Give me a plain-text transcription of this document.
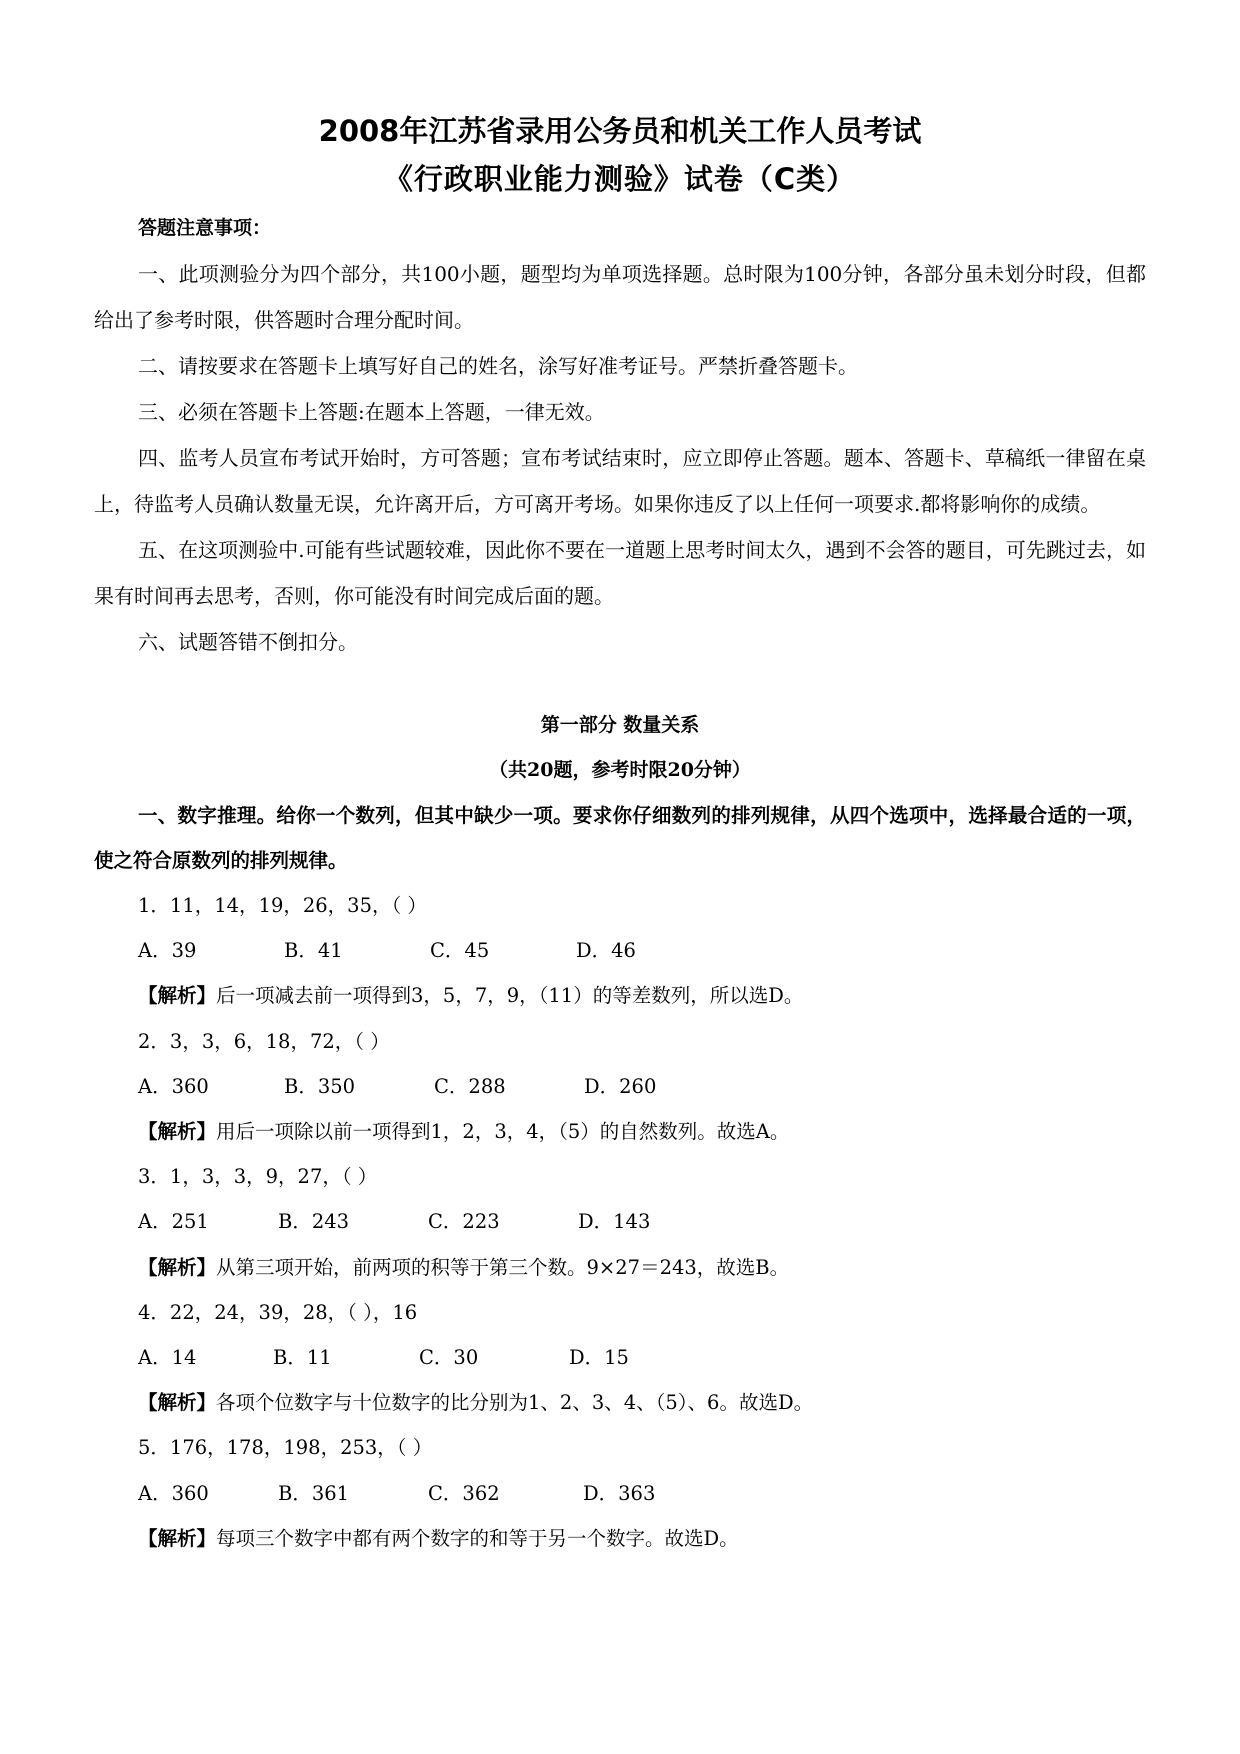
2008年江苏省录用公务员和机关工作人员考试
《行政职业能力测验》试卷（C类）

答题注意事项：

一、此项测验分为四个部分，共100小题，题型均为单项选择题。总时限为100分钟，各部分虽未划分时段，但都给出了参考时限，供答题时合理分配时间。

二、请按要求在答题卡上填写好自己的姓名，涂写好准考证号。严禁折叠答题卡。

三、必须在答题卡上答题:在题本上答题，一律无效。

四、监考人员宣布考试开始时，方可答题；宣布考试结束时，应立即停止答题。题本、答题卡、草稿纸一律留在桌上，待监考人员确认数量无误，允许离开后，方可离开考场。如果你违反了以上任何一项要求.都将影响你的成绩。

五、在这项测验中.可能有些试题较难，因此你不要在一道题上思考时间太久，遇到不会答的题目，可先跳过去，如果有时间再去思考，否则，你可能没有时间完成后面的题。

六、试题答错不倒扣分。

第一部分 数量关系

（共20题，参考时限20分钟）

一、数字推理。给你一个数列，但其中缺少一项。要求你仔细数列的排列规律，从四个选项中，选择最合适的一项，使之符合原数列的排列规律。

1．11，14，19，26，35，（ ）

A．39	B．41	C．45	D．46

【解析】后一项减去前一项得到3，5，7，9，（11）的等差数列，所以选D。

2．3，3，6，18，72，（ ）

A．360	B．350	C．288	D．260

【解析】用后一项除以前一项得到1，2，3，4，（5）的自然数列。故选A。

3．1，3，3，9，27，（ ）

A．251	B．243	C．223	D．143

【解析】从第三项开始，前两项的积等于第三个数。9×27＝243，故选B。

4．22，24，39，28，（ ），16

A．14	B．11	C．30	D．15

【解析】各项个位数字与十位数字的比分别为1、2、3、4、（5）、6。故选D。

5．176，178，198，253，（ ）

A．360	B．361	C．362	D．363

【解析】每项三个数字中都有两个数字的和等于另一个数字。故选D。
